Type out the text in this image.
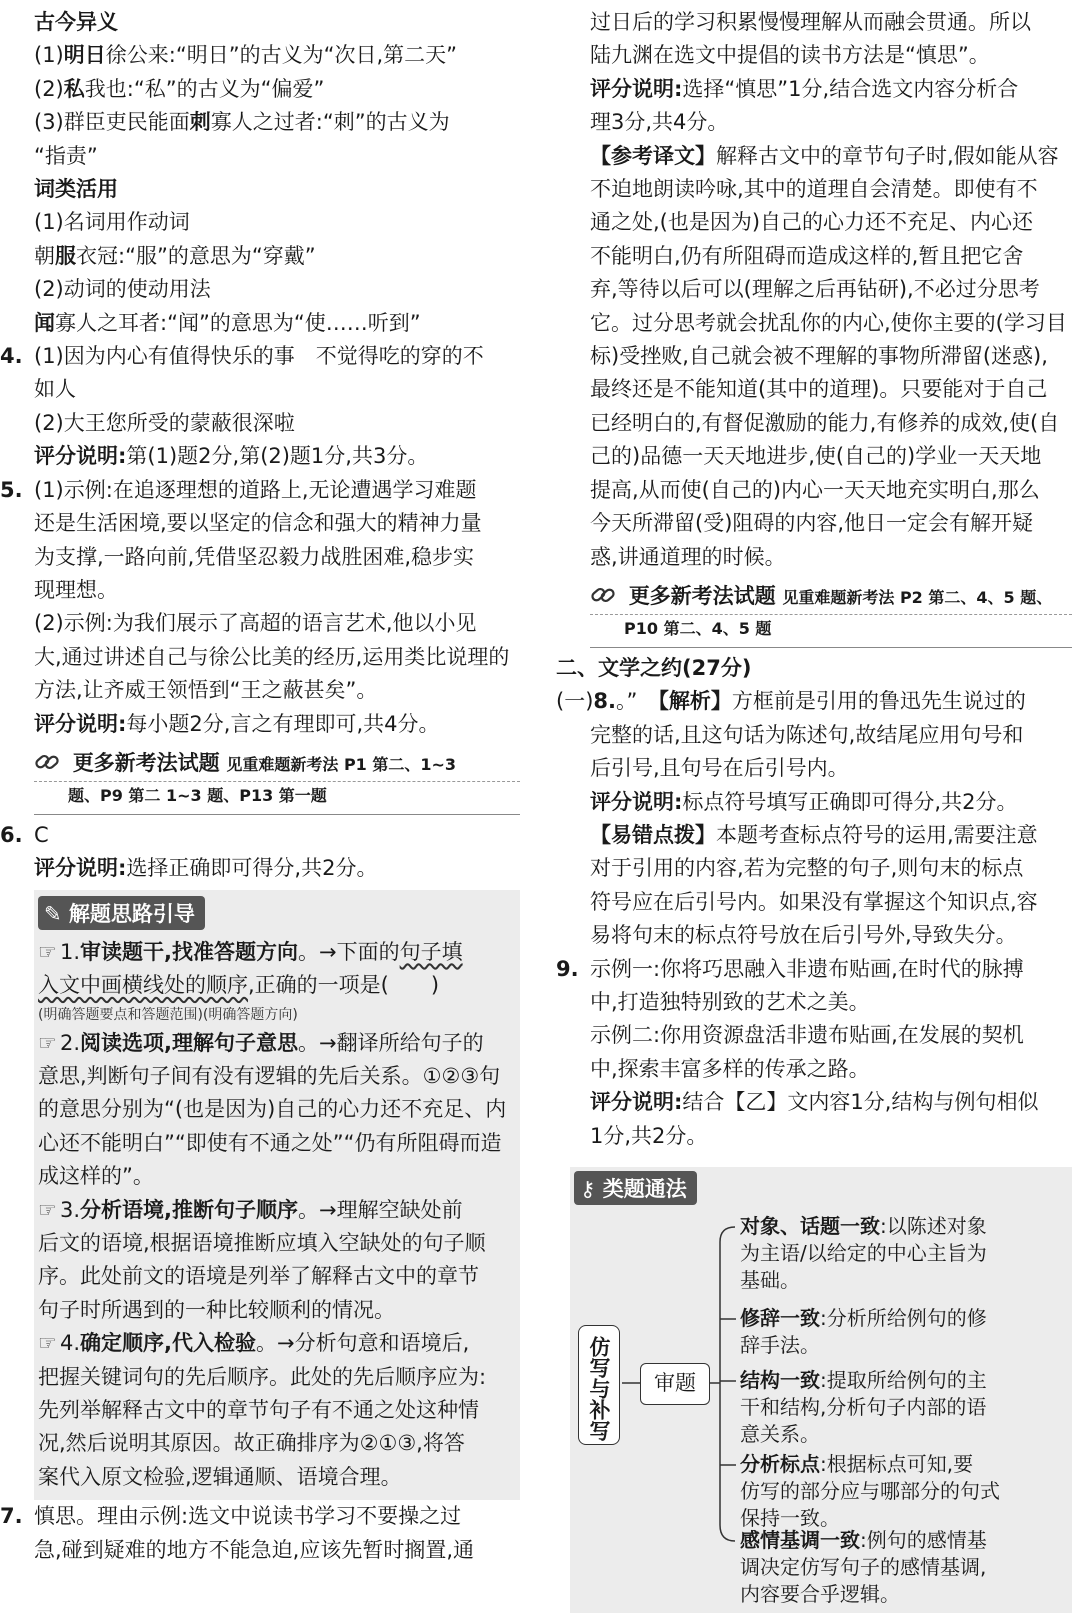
古今异义
(1)明日徐公来:“明日”的古义为“次日,第二天”
(2)私我也:“私”的古义为“偏爱”
(3)群臣吏民能面刺寡人之过者:“刺”的古义为
“指责”
词类活用
(1)名词用作动词
朝服衣冠:“服”的意思为“穿戴”
(2)动词的使动用法
闻寡人之耳者:“闻”的意思为“使……听到”
4. (1)因为内心有值得快乐的事　不觉得吃的穿的不
如人
(2)大王您所受的蒙蔽很深啦
评分说明:第(1)题2分,第(2)题1分,共3分。
5. (1)示例:在追逐理想的道路上,无论遭遇学习难题
还是生活困境,要以坚定的信念和强大的精神力量
为支撑,一路向前,凭借坚忍毅力战胜困难,稳步实
现理想。
(2)示例:为我们展示了高超的语言艺术,他以小见
大,通过讲述自己与徐公比美的经历,运用类比说理的
方法,让齐威王领悟到“王之蔽甚矣”。
评分说明:每小题2分,言之有理即可,共4分。
更多新考法试题 见重难题新考法 P1 第二、1~3
题、P9 第二 1~3 题、P13 第一题
6. C
评分说明:选择正确即可得分,共2分。
✎ 解题思路引导
☞ 1.审读题干,找准答题方向。→下面的句子填
入文中画横线处的顺序,正确的一项是(　　)
(明确答题要点和答题范围)(明确答题方向)
☞ 2.阅读选项,理解句子意思。→翻译所给句子的
意思,判断句子间有没有逻辑的先后关系。①②③句
的意思分别为“(也是因为)自己的心力还不充足、内
心还不能明白”“即使有不通之处”“仍有所阻碍而造
成这样的”。
☞ 3.分析语境,推断句子顺序。→理解空缺处前
后文的语境,根据语境推断应填入空缺处的句子顺
序。此处前文的语境是列举了解释古文中的章节
句子时所遇到的一种比较顺利的情况。
☞ 4.确定顺序,代入检验。→分析句意和语境后,
把握关键词句的先后顺序。此处的先后顺序应为:
先列举解释古文中的章节句子有不通之处这种情
况,然后说明其原因。故正确排序为②①③,将答
案代入原文检验,逻辑通顺、语境合理。
7. 慎思。理由示例:选文中说读书学习不要操之过
急,碰到疑难的地方不能急迫,应该先暂时搁置,通
过日后的学习积累慢慢理解从而融会贯通。所以
陆九渊在选文中提倡的读书方法是“慎思”。
评分说明:选择“慎思”1分,结合选文内容分析合
理3分,共4分。
【参考译文】解释古文中的章节句子时,假如能从容
不迫地朗读吟咏,其中的道理自会清楚。即使有不
通之处,(也是因为)自己的心力还不充足、内心还
不能明白,仍有所阻碍而造成这样的,暂且把它舍
弃,等待以后可以(理解之后再钻研),不必过分思考
它。过分思考就会扰乱你的内心,使你主要的(学习目
标)受挫败,自己就会被不理解的事物所滞留(迷惑),
最终还是不能知道(其中的道理)。只要能对于自己
已经明白的,有督促激励的能力,有修养的成效,使(自
己的)品德一天天地进步,使(自己的)学业一天天地
提高,从而使(自己的)内心一天天地充实明白,那么
今天所滞留(受)阻碍的内容,他日一定会有解开疑
惑,讲通道理的时候。
更多新考法试题 见重难题新考法 P2 第二、4、5 题、
P10 第二、4、5 题
二、文学之约(27分)
(一)8.。”　 【解析】方框前是引用的鲁迅先生说过的
完整的话,且这句话为陈述句,故结尾应用句号和
后引号,且句号在后引号内。
评分说明:标点符号填写正确即可得分,共2分。
【易错点拨】本题考查标点符号的运用,需要注意
对于引用的内容,若为完整的句子,则句末的标点
符号应在后引号内。如果没有掌握这个知识点,容
易将句末的标点符号放在后引号外,导致失分。
9. 示例一:你将巧思融入非遗布贴画,在时代的脉搏
中,打造独特别致的艺术之美。
示例二:你用资源盘活非遗布贴画,在发展的契机
中,探索丰富多样的传承之路。
评分说明:结合【乙】文内容1分,结构与例句相似
1分,共2分。
⚷ 类题通法
仿写与补写	审题
对象、话题一致:以陈述对象
为主语/以给定的中心主旨为
基础。
修辞一致:分析所给例句的修
辞手法。
结构一致:提取所给例句的主
干和结构,分析句子内部的语
意关系。
分析标点:根据标点可知,要
仿写的部分应与哪部分的句式
保持一致。
感情基调一致:例句的感情基
调决定仿写句子的感情基调,
内容要合乎逻辑。
